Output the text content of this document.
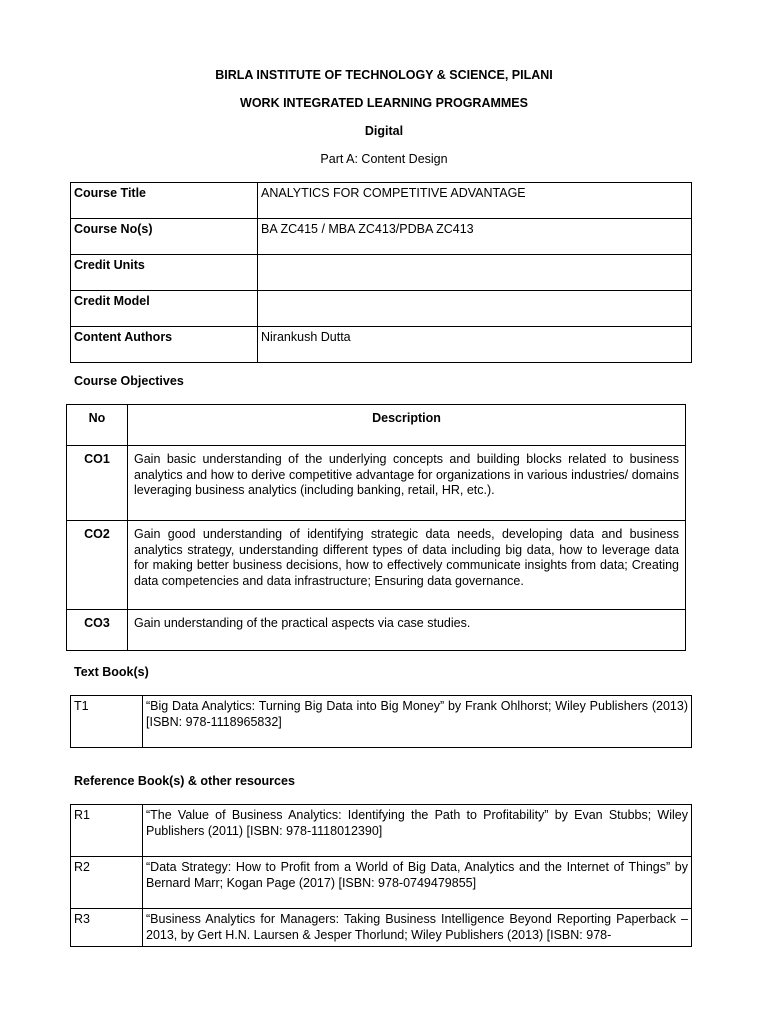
BIRLA INSTITUTE OF TECHNOLOGY & SCIENCE, PILANI
WORK INTEGRATED LEARNING PROGRAMMES
Digital
Part A: Content Design
Course Title	ANALYTICS FOR COMPETITIVE ADVANTAGE
Course No(s)	BA ZC415 / MBA ZC413/PDBA ZC413
Credit Units	
Credit Model	
Content Authors	Nirankush Dutta
Course Objectives
No	Description
CO1	Gain basic understanding of the underlying concepts and building blocks related to business analytics and how to derive competitive advantage for organizations in various industries/ domains leveraging business analytics (including banking, retail, HR, etc.).
CO2	Gain good understanding of identifying strategic data needs, developing data and business analytics strategy, understanding different types of data including big data, how to leverage data for making better business decisions, how to effectively communicate insights from data; Creating data competencies and data infrastructure; Ensuring data governance.
CO3	Gain understanding of the practical aspects via case studies.
Text Book(s)
T1	“Big Data Analytics: Turning Big Data into Big Money” by Frank Ohlhorst; Wiley Publishers (2013) [ISBN: 978-1118965832]
Reference Book(s) & other resources
R1	“The Value of Business Analytics: Identifying the Path to Profitability” by Evan Stubbs; Wiley Publishers (2011) [ISBN: 978-1118012390]
R2	“Data Strategy: How to Profit from a World of Big Data, Analytics and the Internet of Things” by Bernard Marr; Kogan Page (2017) [ISBN: 978-0749479855]
R3	“Business Analytics for Managers: Taking Business Intelligence Beyond Reporting Paperback – 2013, by Gert H.N. Laursen & Jesper Thorlund; Wiley Publishers (2013) [ISBN: 978-
